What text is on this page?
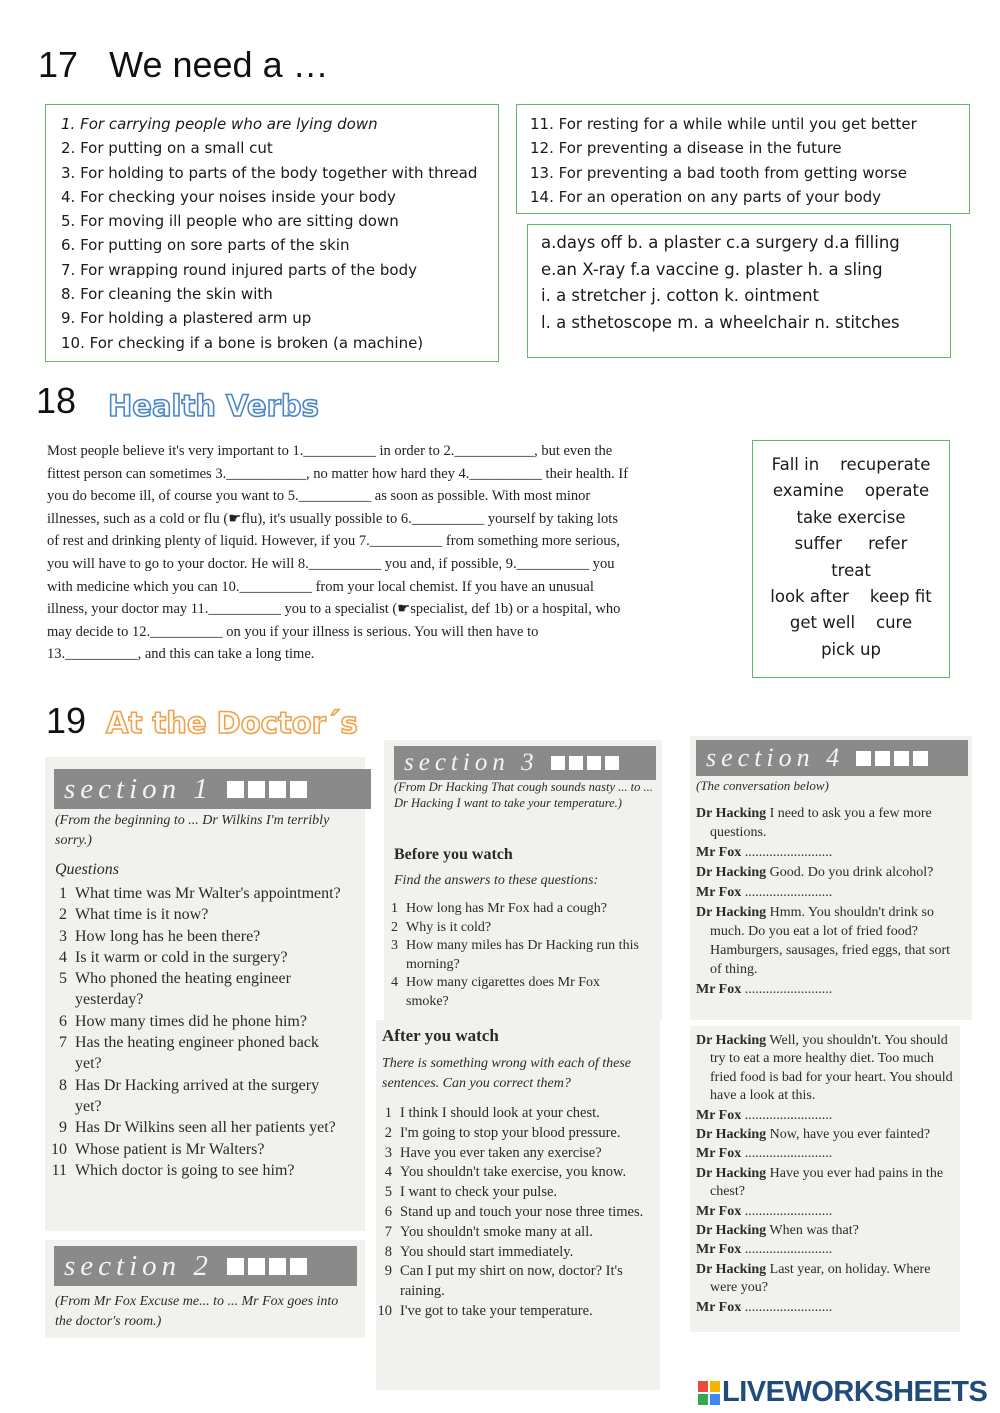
17 We need a …
1. For carrying people who are lying down
2. For putting on a small cut
3. For holding to parts of the body together with thread
4. For checking your noises inside your body
5. For moving ill people who are sitting down
6. For putting on sore parts of the skin
7. For wrapping round injured parts of the body
8. For cleaning the skin with
9. For holding a plastered arm up
10. For checking if a bone is broken (a machine)
11. For resting for a while while until you get better
12. For preventing a disease in the future
13. For preventing a bad tooth from getting worse
14. For an operation on any parts of your body
a.days off b. a plaster c.a surgery d.a filling
e.an X-ray f.a vaccine g. plaster h. a sling
i. a stretcher j. cotton k. ointment
l. a sthetoscope m. a wheelchair n. stitches
18 Health Verbs
Most people believe it's very important to 1.__________ in order to 2.___________, but even the
fittest person can sometimes 3.___________, no matter how hard they 4.__________ their health. If
you do become ill, of course you want to 5.__________ as soon as possible. With most minor
illnesses, such as a cold or flu (☛flu), it's usually possible to 6.__________ yourself by taking lots
of rest and drinking plenty of liquid. However, if you 7.__________ from something more serious,
you will have to go to your doctor. He will 8.__________ you and, if possible, 9.__________ you
with medicine which you can 10.__________ from your local chemist. If you have an unusual
illness, your doctor may 11.__________ you to a specialist (☛specialist, def 1b) or a hospital, who
may decide to 12.__________ on you if your illness is serious. You will then have to
13.__________, and this can take a long time.
Fall in    recuperate
examine    operate
take exercise
suffer     refer
treat
look after    keep fit
get well    cure
pick up
19 At the Doctor´s
section 1
(From the beginning to ... Dr Wilkins I'm terribly sorry.)
Questions
1 What time was Mr Walter's appointment?
2 What time is it now?
3 How long has he been there?
4 Is it warm or cold in the surgery?
5 Who phoned the heating engineer yesterday?
6 How many times did he phone him?
7 Has the heating engineer phoned back yet?
8 Has Dr Hacking arrived at the surgery yet?
9 Has Dr Wilkins seen all her patients yet?
10 Whose patient is Mr Walters?
11 Which doctor is going to see him?
section 2
(From Mr Fox Excuse me... to ... Mr Fox goes into the doctor's room.)
section 3
(From Dr Hacking That cough sounds nasty ... to ... Dr Hacking I want to take your temperature.)
Before you watch
Find the answers to these questions:
1 How long has Mr Fox had a cough?
2 Why is it cold?
3 How many miles has Dr Hacking run this morning?
4 How many cigarettes does Mr Fox smoke?
After you watch
There is something wrong with each of these sentences. Can you correct them?
1 I think I should look at your chest.
2 I'm going to stop your blood pressure.
3 Have you ever taken any exercise?
4 You shouldn't take exercise, you know.
5 I want to check your pulse.
6 Stand up and touch your nose three times.
7 You shouldn't smoke many at all.
8 You should start immediately.
9 Can I put my shirt on now, doctor? It's raining.
10 I've got to take your temperature.
section 4
(The conversation below)
Dr Hacking I need to ask you a few more questions.
Mr Fox .........................
Dr Hacking Good. Do you drink alcohol?
Mr Fox .........................
Dr Hacking Hmm. You shouldn't drink so much. Do you eat a lot of fried food? Hamburgers, sausages, fried eggs, that sort of thing.
Mr Fox .........................
Dr Hacking Well, you shouldn't. You should try to eat a more healthy diet. Too much fried food is bad for your heart. You should have a look at this.
Mr Fox .........................
Dr Hacking Now, have you ever fainted?
Mr Fox .........................
Dr Hacking Have you ever had pains in the chest?
Mr Fox .........................
Dr Hacking When was that?
Mr Fox .........................
Dr Hacking Last year, on holiday. Where were you?
Mr Fox .........................
LIVEWORKSHEETS
